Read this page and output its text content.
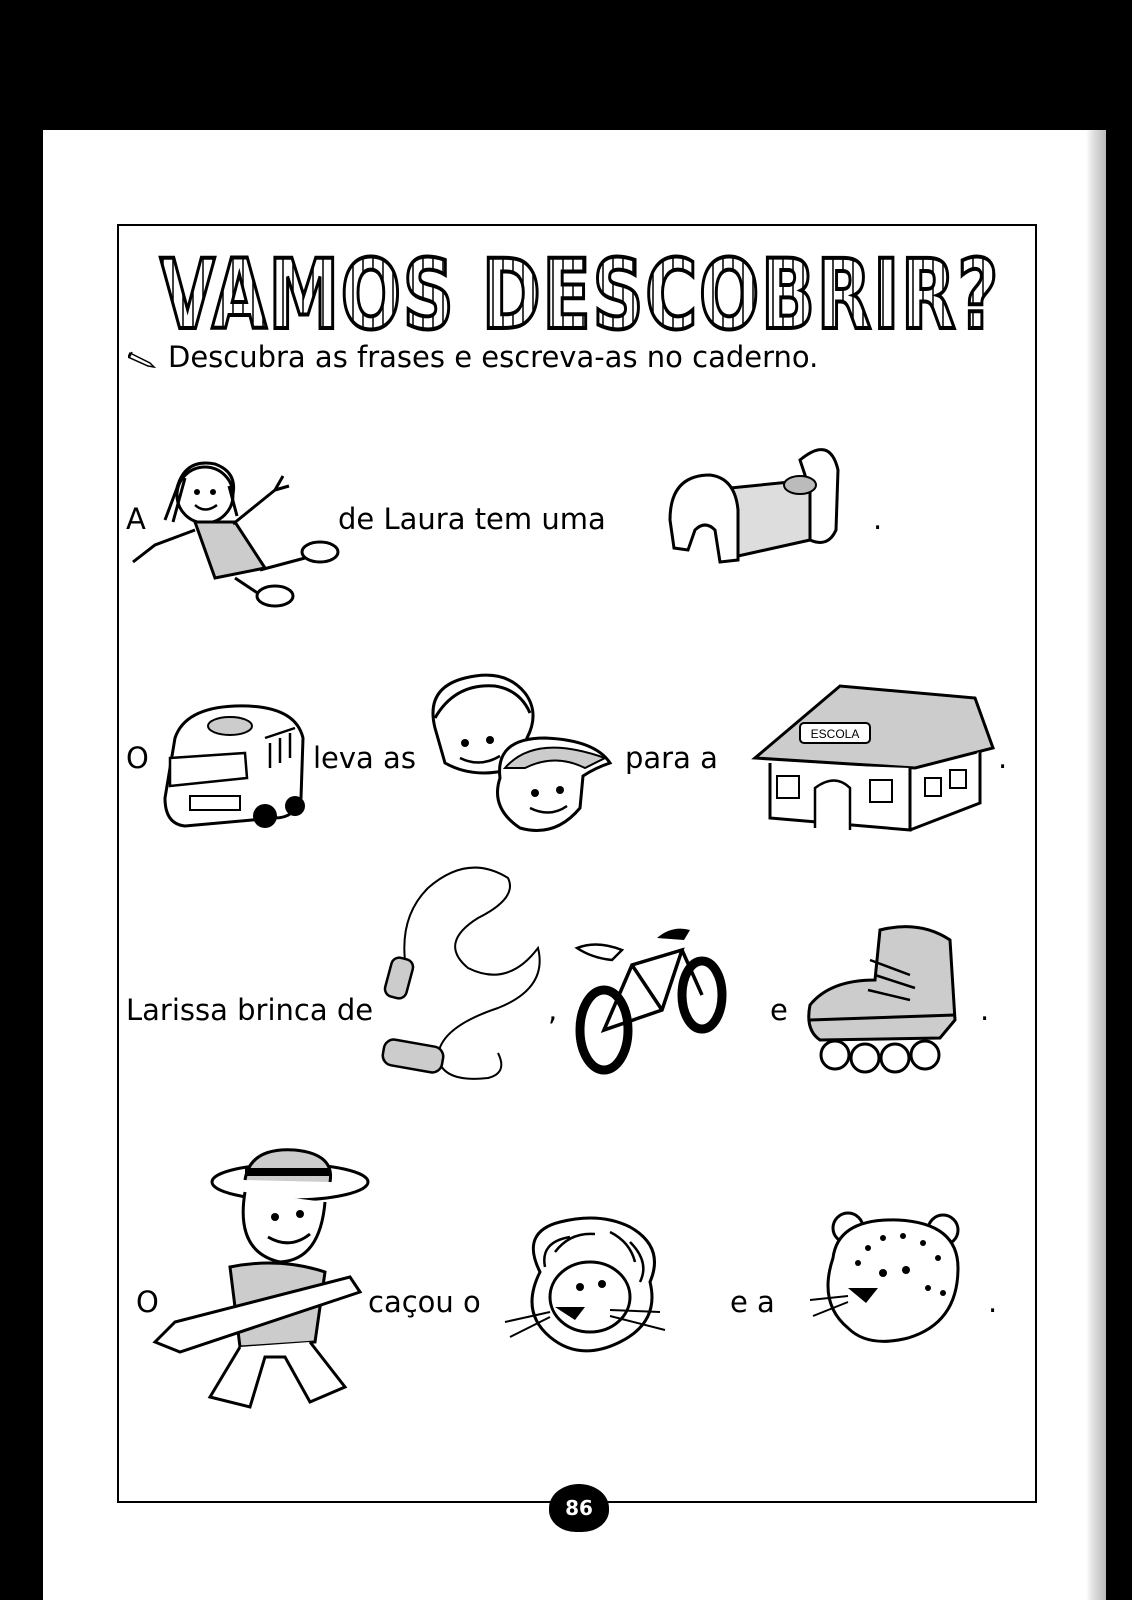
VAMOS DESCOBRIR?
Descubra as frases e escreva-as no caderno.
A	de Laura tem uma	.
O	leva as	para a
ESCOLA
.
Larissa brinca de	,	e	.
O	caçou o	e a	.
86
